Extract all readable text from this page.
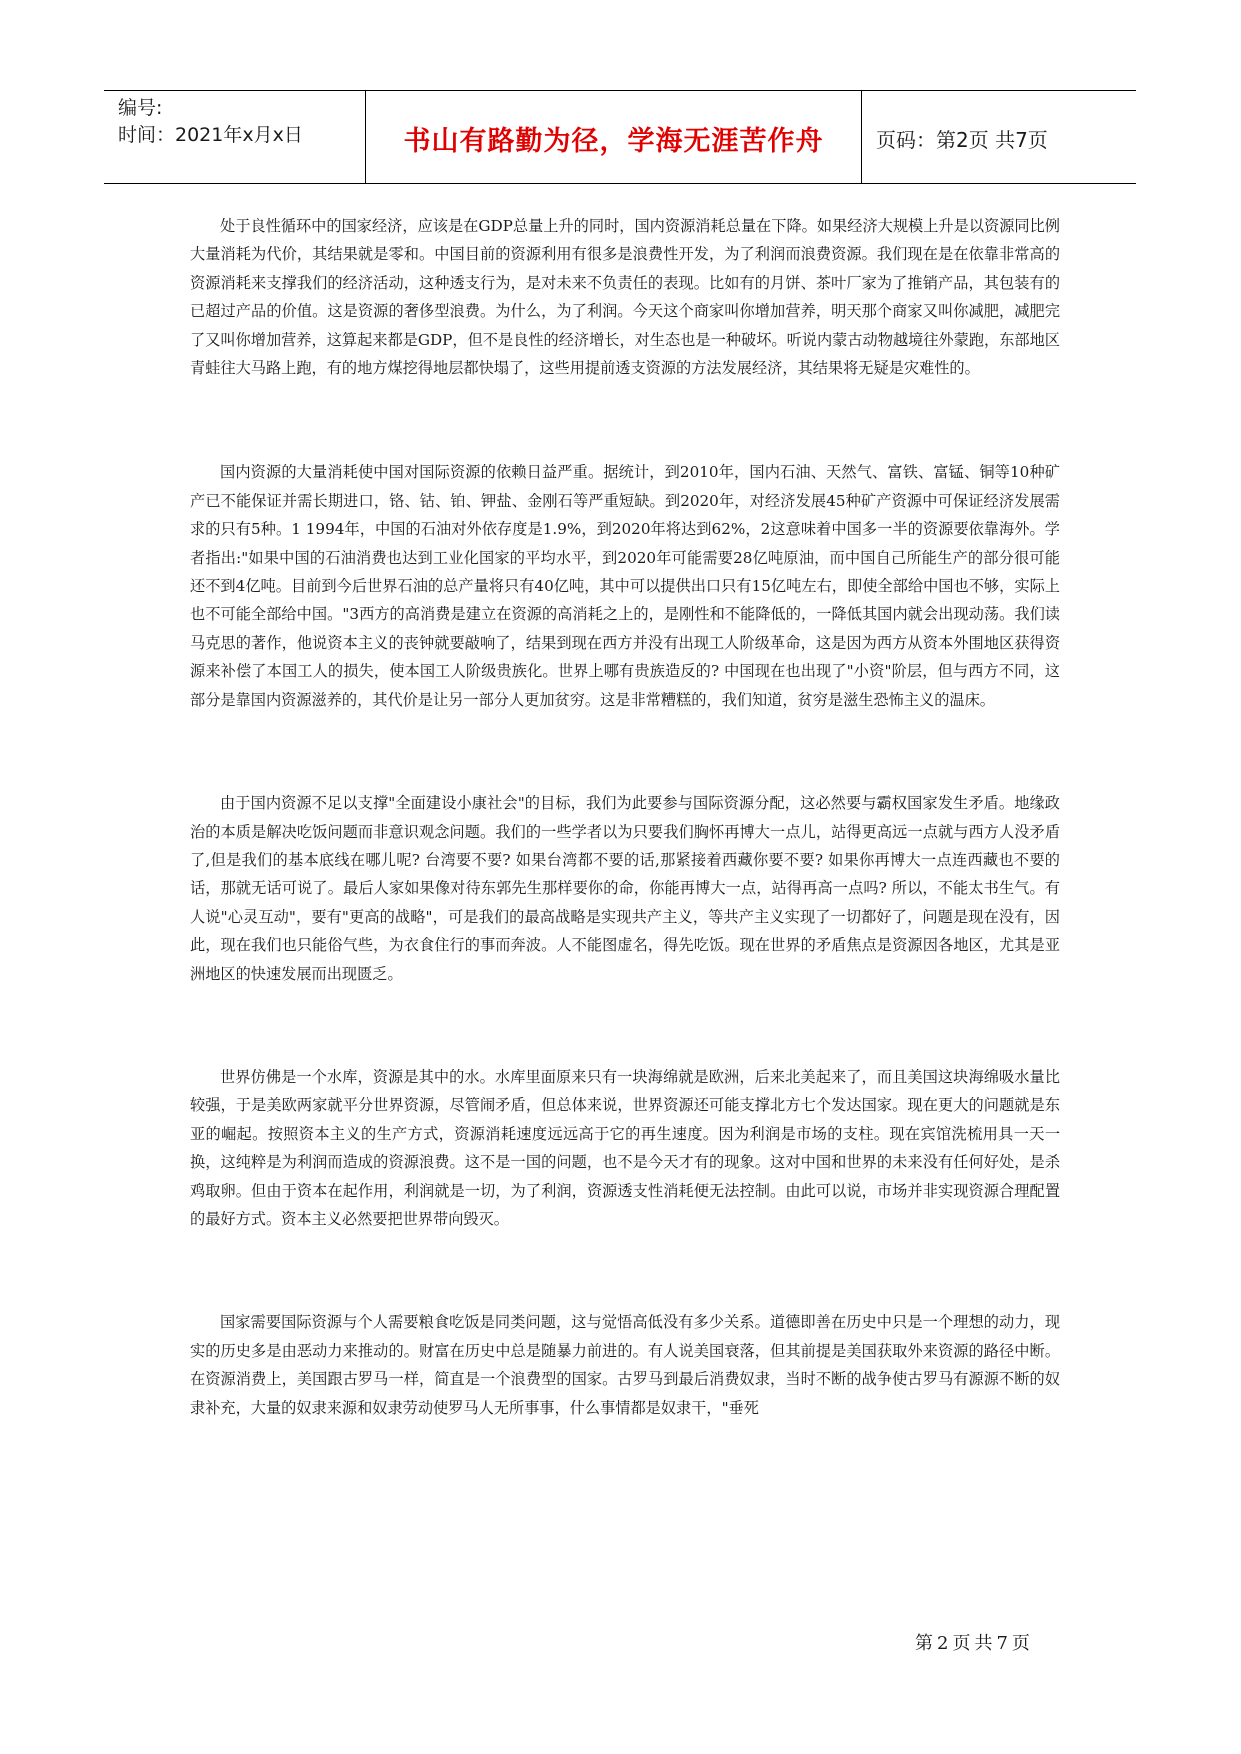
编号:
时间：2021年x月x日	书山有路勤为径，学海无涯苦作舟	页码：第2页 共7页

处于良性循环中的国家经济，应该是在GDP总量上升的同时，国内资源消耗总量在下降。如果经济大规模上升是以资源同比例大量消耗为代价，其结果就是零和。中国目前的资源利用有很多是浪费性开发，为了利润而浪费资源。我们现在是在依靠非常高的资源消耗来支撑我们的经济活动，这种透支行为，是对未来不负责任的表现。比如有的月饼、茶叶厂家为了推销产品，其包装有的已超过产品的价值。这是资源的奢侈型浪费。为什么，为了利润。今天这个商家叫你增加营养，明天那个商家又叫你减肥，减肥完了又叫你增加营养，这算起来都是GDP，但不是良性的经济增长，对生态也是一种破坏。听说内蒙古动物越境往外蒙跑，东部地区青蛙往大马路上跑，有的地方煤挖得地层都快塌了，这些用提前透支资源的方法发展经济，其结果将无疑是灾难性的。

国内资源的大量消耗使中国对国际资源的依赖日益严重。据统计，到2010年，国内石油、天然气、富铁、富锰、铜等10种矿产已不能保证并需长期进口，铬、钴、铂、钾盐、金刚石等严重短缺。到2020年，对经济发展45种矿产资源中可保证经济发展需求的只有5种。1 1994年，中国的石油对外依存度是1.9%，到2020年将达到62%，2这意味着中国多一半的资源要依靠海外。学者指出:"如果中国的石油消费也达到工业化国家的平均水平，到2020年可能需要28亿吨原油，而中国自己所能生产的部分很可能还不到4亿吨。目前到今后世界石油的总产量将只有40亿吨，其中可以提供出口只有15亿吨左右，即使全部给中国也不够，实际上也不可能全部给中国。"3西方的高消费是建立在资源的高消耗之上的，是刚性和不能降低的，一降低其国内就会出现动荡。我们读马克思的著作，他说资本主义的丧钟就要敲响了，结果到现在西方并没有出现工人阶级革命，这是因为西方从资本外围地区获得资源来补偿了本国工人的损失，使本国工人阶级贵族化。世界上哪有贵族造反的? 中国现在也出现了"小资"阶层，但与西方不同，这部分是靠国内资源滋养的，其代价是让另一部分人更加贫穷。这是非常糟糕的，我们知道，贫穷是滋生恐怖主义的温床。

由于国内资源不足以支撑"全面建设小康社会"的目标，我们为此要参与国际资源分配，这必然要与霸权国家发生矛盾。地缘政治的本质是解决吃饭问题而非意识观念问题。我们的一些学者以为只要我们胸怀再博大一点儿，站得更高远一点就与西方人没矛盾了,但是我们的基本底线在哪儿呢? 台湾要不要? 如果台湾都不要的话,那紧接着西藏你要不要? 如果你再博大一点连西藏也不要的话，那就无话可说了。最后人家如果像对待东郭先生那样要你的命，你能再博大一点，站得再高一点吗? 所以，不能太书生气。有人说"心灵互动"，要有"更高的战略"，可是我们的最高战略是实现共产主义，等共产主义实现了一切都好了，问题是现在没有，因此，现在我们也只能俗气些，为衣食住行的事而奔波。人不能图虚名，得先吃饭。现在世界的矛盾焦点是资源因各地区，尤其是亚洲地区的快速发展而出现匮乏。

世界仿佛是一个水库，资源是其中的水。水库里面原来只有一块海绵就是欧洲，后来北美起来了，而且美国这块海绵吸水量比较强，于是美欧两家就平分世界资源，尽管闹矛盾，但总体来说，世界资源还可能支撑北方七个发达国家。现在更大的问题就是东亚的崛起。按照资本主义的生产方式，资源消耗速度远远高于它的再生速度。因为利润是市场的支柱。现在宾馆洗梳用具一天一换，这纯粹是为利润而造成的资源浪费。这不是一国的问题，也不是今天才有的现象。这对中国和世界的未来没有任何好处，是杀鸡取卵。但由于资本在起作用，利润就是一切，为了利润，资源透支性消耗便无法控制。由此可以说，市场并非实现资源合理配置的最好方式。资本主义必然要把世界带向毁灭。

国家需要国际资源与个人需要粮食吃饭是同类问题，这与觉悟高低没有多少关系。道德即善在历史中只是一个理想的动力，现实的历史多是由恶动力来推动的。财富在历史中总是随暴力前进的。有人说美国衰落，但其前提是美国获取外来资源的路径中断。在资源消费上，美国跟古罗马一样，简直是一个浪费型的国家。古罗马到最后消费奴隶，当时不断的战争使古罗马有源源不断的奴隶补充，大量的奴隶来源和奴隶劳动使罗马人无所事事，什么事情都是奴隶干，"垂死

第2页共7页
